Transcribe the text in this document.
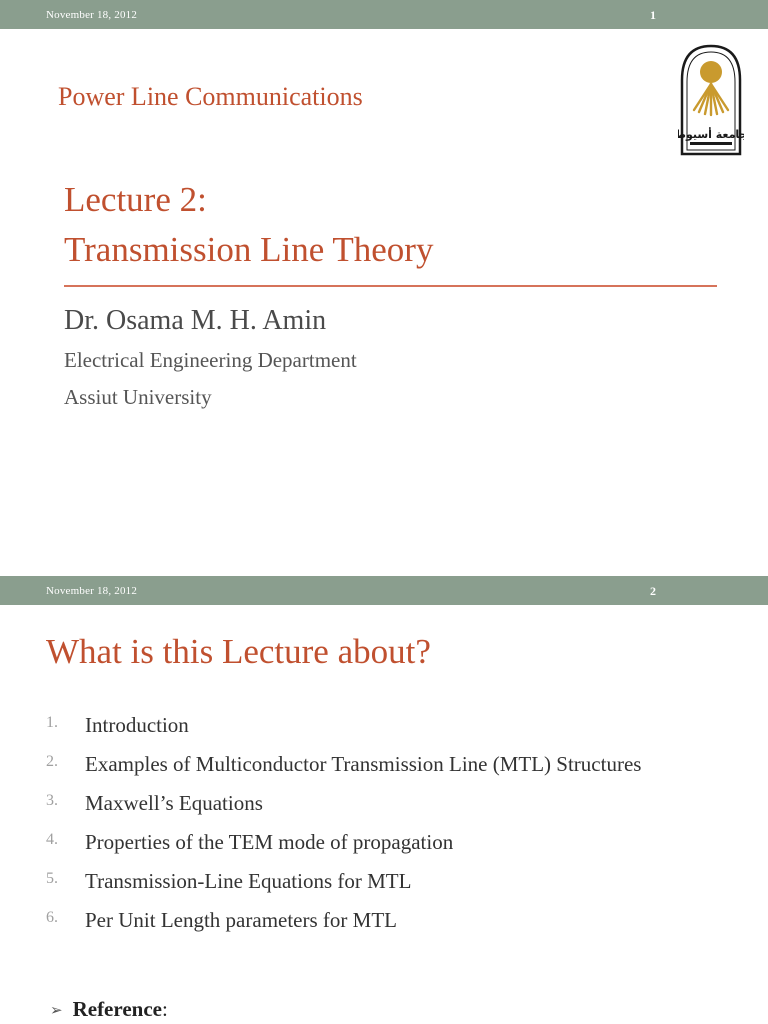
November 18, 2012	1
جامعة أسيوط
Power Line Communications
Lecture 2:
Transmission Line Theory
Dr. Osama M. H. Amin
Electrical Engineering Department
Assiut University
November 18, 2012	2
What is this Lecture about?
1.	Introduction
2.	Examples of Multiconductor Transmission Line (MTL) Structures
3.	Maxwell’s Equations
4.	Properties of the TEM mode of propagation
5.	Transmission-Line Equations for MTL
6.	Per Unit Length parameters for MTL
➢ Reference:
